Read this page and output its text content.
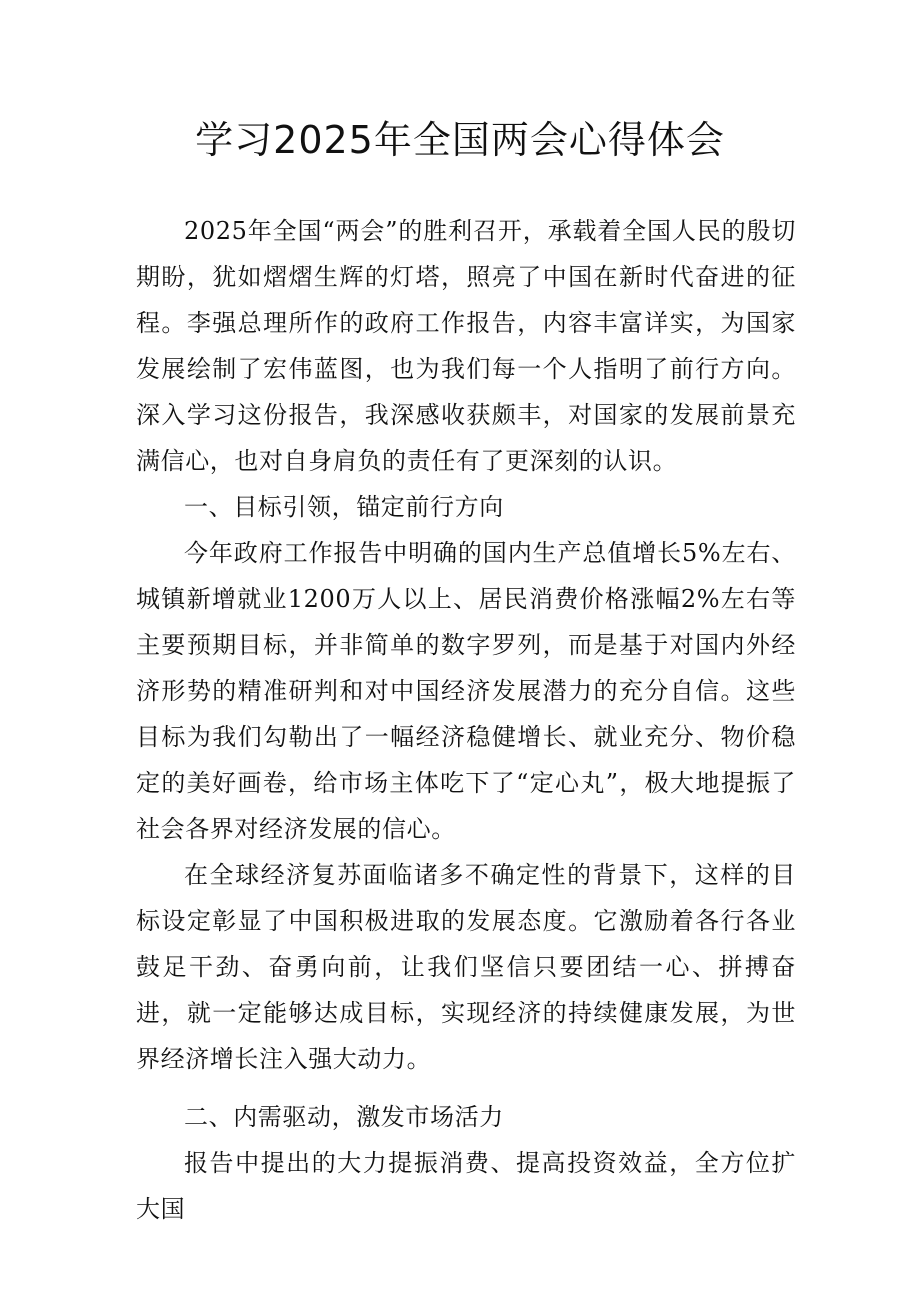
学习2025年全国两会心得体会

2025年全国“两会”的胜利召开，承载着全国人民的殷切期盼，犹如熠熠生辉的灯塔，照亮了中国在新时代奋进的征程。李强总理所作的政府工作报告，内容丰富详实，为国家发展绘制了宏伟蓝图，也为我们每一个人指明了前行方向。深入学习这份报告，我深感收获颇丰，对国家的发展前景充满信心，也对自身肩负的责任有了更深刻的认识。

一、目标引领，锚定前行方向

今年政府工作报告中明确的国内生产总值增长5%左右、城镇新增就业1200万人以上、居民消费价格涨幅2%左右等主要预期目标，并非简单的数字罗列，而是基于对国内外经济形势的精准研判和对中国经济发展潜力的充分自信。这些目标为我们勾勒出了一幅经济稳健增长、就业充分、物价稳定的美好画卷，给市场主体吃下了“定心丸”，极大地提振了社会各界对经济发展的信心。

在全球经济复苏面临诸多不确定性的背景下，这样的目标设定彰显了中国积极进取的发展态度。它激励着各行各业鼓足干劲、奋勇向前，让我们坚信只要团结一心、拼搏奋进，就一定能够达成目标，实现经济的持续健康发展，为世界经济增长注入强大动力。

二、内需驱动，激发市场活力

报告中提出的大力提振消费、提高投资效益，全方位扩大国
